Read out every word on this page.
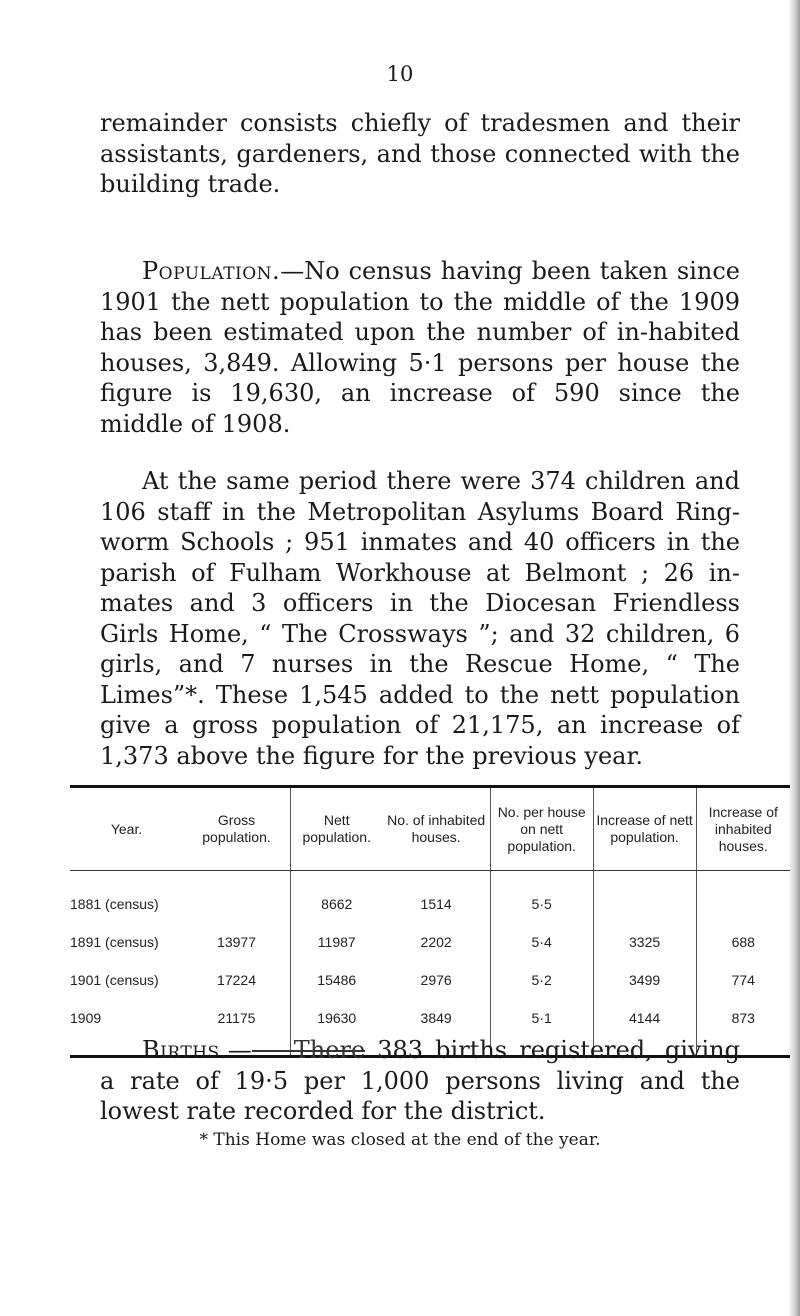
10

remainder consists chiefly of tradesmen and their assistants, gardeners, and those connected with the building trade.

Population.—No census having been taken since 1901 the nett population to the middle of the 1909 has been estimated upon the number of in-habited houses, 3,849. Allowing 5·1 persons per house the figure is 19,630, an increase of 590 since the middle of 1908.

At the same period there were 374 children and 106 staff in the Metropolitan Asylums Board Ring-worm Schools ; 951 inmates and 40 officers in the parish of Fulham Workhouse at Belmont ; 26 in-mates and 3 officers in the Diocesan Friendless Girls Home, “ The Crossways ”; and 32 children, 6 girls, and 7 nurses in the Rescue Home, “ The Limes”*. These 1,545 added to the nett population give a gross population of 21,175, an increase of 1,373 above the figure for the previous year.

Year.	Gross population.	Nett population.	No. of inhabited houses.	No. per house on nett population.	Increase of nett population.	Increase of inhabited houses.
1881 (census)		8662	1514	5·5		
1891 (census)	13977	11987	2202	5·4	3325	688
1901 (census)	17224	15486	2976	5·2	3499	774
1909	21175	19630	3849	5·1	4144	873

Births.— There 383 births registered, giving a rate of 19·5 per 1,000 persons living and the lowest rate recorded for the district.

* This Home was closed at the end of the year.
